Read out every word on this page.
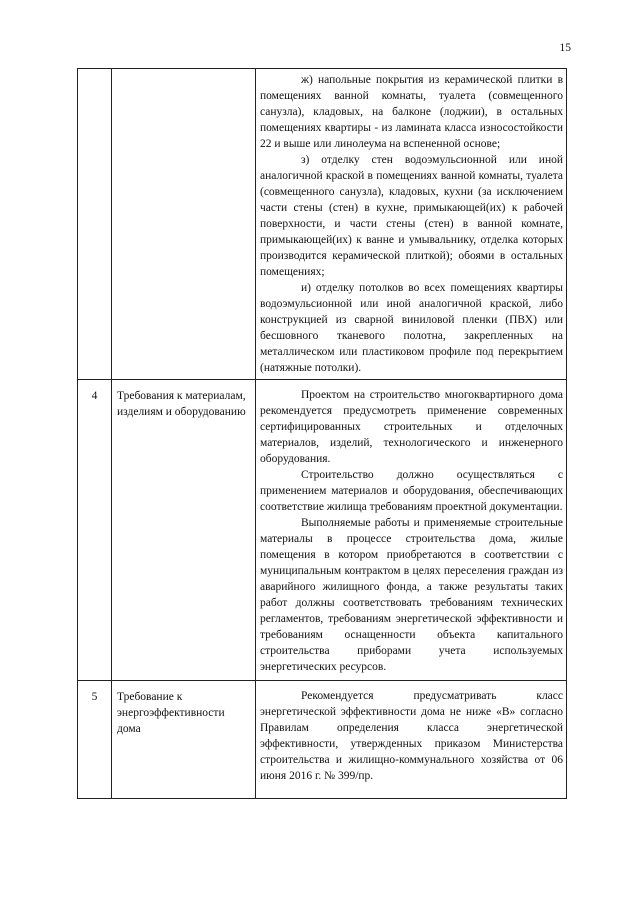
15

		ж) напольные покрытия из керамической плитки в помещениях ванной комнаты, туалета (совмещенного санузла), кладовых, на балконе (лоджии), в остальных помещениях квартиры - из ламината класса износостойкости 22 и выше или линолеума на вспененной основе;

з) отделку стен водоэмульсионной или иной аналогичной краской в помещениях ванной комнаты, туалета (совмещенного санузла), кладовых, кухни (за исключением части стены (стен) в кухне, примыкающей(их) к рабочей поверхности, и части стены (стен) в ванной комнате, примыкающей(их) к ванне и умывальнику, отделка которых производится керамической плиткой); обоями в остальных помещениях;

и) отделку потолков во всех помещениях квартиры водоэмульсионной или иной аналогичной краской, либо конструкцией из сварной виниловой пленки (ПВХ) или бесшовного тканевого полотна, закрепленных на металлическом или пластиковом профиле под перекрытием (натяжные потолки).

4	Требования к материалам, изделиям и оборудованию	Проектом на строительство многоквартирного дома рекомендуется предусмотреть применение современных сертифицированных строительных и отделочных материалов, изделий, технологического и инженерного оборудования.

Строительство должно осуществляться с применением материалов и оборудования, обеспечивающих соответствие жилища требованиям проектной документации.

Выполняемые работы и применяемые строительные материалы в процессе строительства дома, жилые помещения в котором приобретаются в соответствии с муниципальным контрактом в целях переселения граждан из аварийного жилищного фонда, а также результаты таких работ должны соответствовать требованиям технических регламентов, требованиям энергетической эффективности и требованиям оснащенности объекта капитального строительства приборами учета используемых энергетических ресурсов.

5	Требование к энергоэффективности дома	Рекомендуется предусматривать класс энергетической эффективности дома не ниже «В» согласно Правилам определения класса энергетической эффективности, утвержденных приказом Министерства строительства и жилищно-коммунального хозяйства от 06 июня 2016 г. № 399/пр.
